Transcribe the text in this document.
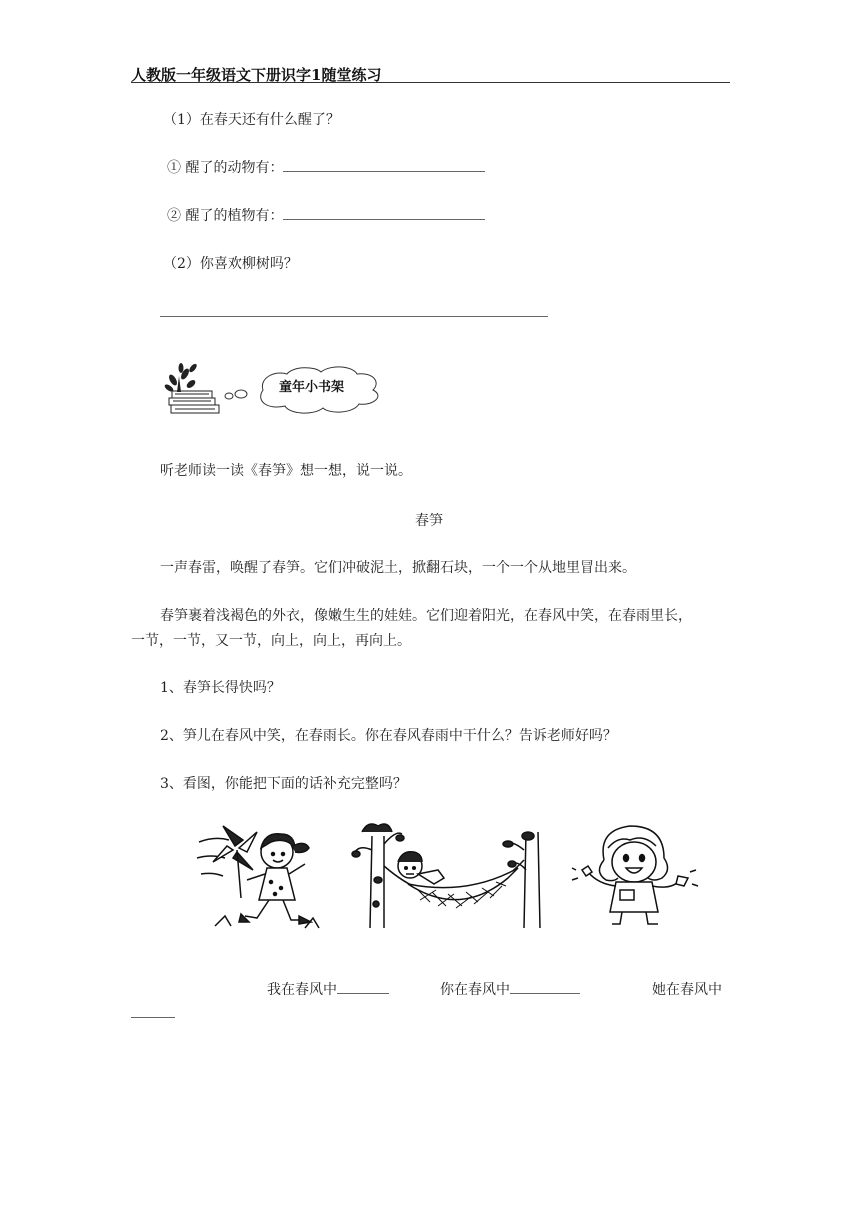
人教版一年级语文下册识字1随堂练习
（1）在春天还有什么醒了？
① 醒了的动物有：
② 醒了的植物有：
（2）你喜欢柳树吗？
童年小书架
听老师读一读《春笋》想一想，说一说。
春笋
一声春雷，唤醒了春笋。它们冲破泥土，掀翻石块，一个一个从地里冒出来。
春笋裹着浅褐色的外衣，像嫩生生的娃娃。它们迎着阳光，在春风中笑，在春雨里长，
一节，一节，又一节，向上，向上，再向上。
1、春笋长得快吗？
2、笋儿在春风中笑，在春雨长。你在春风春雨中干什么？告诉老师好吗？
3、看图，你能把下面的话补充完整吗？
我在春风中	你在春风中	她在春风中
